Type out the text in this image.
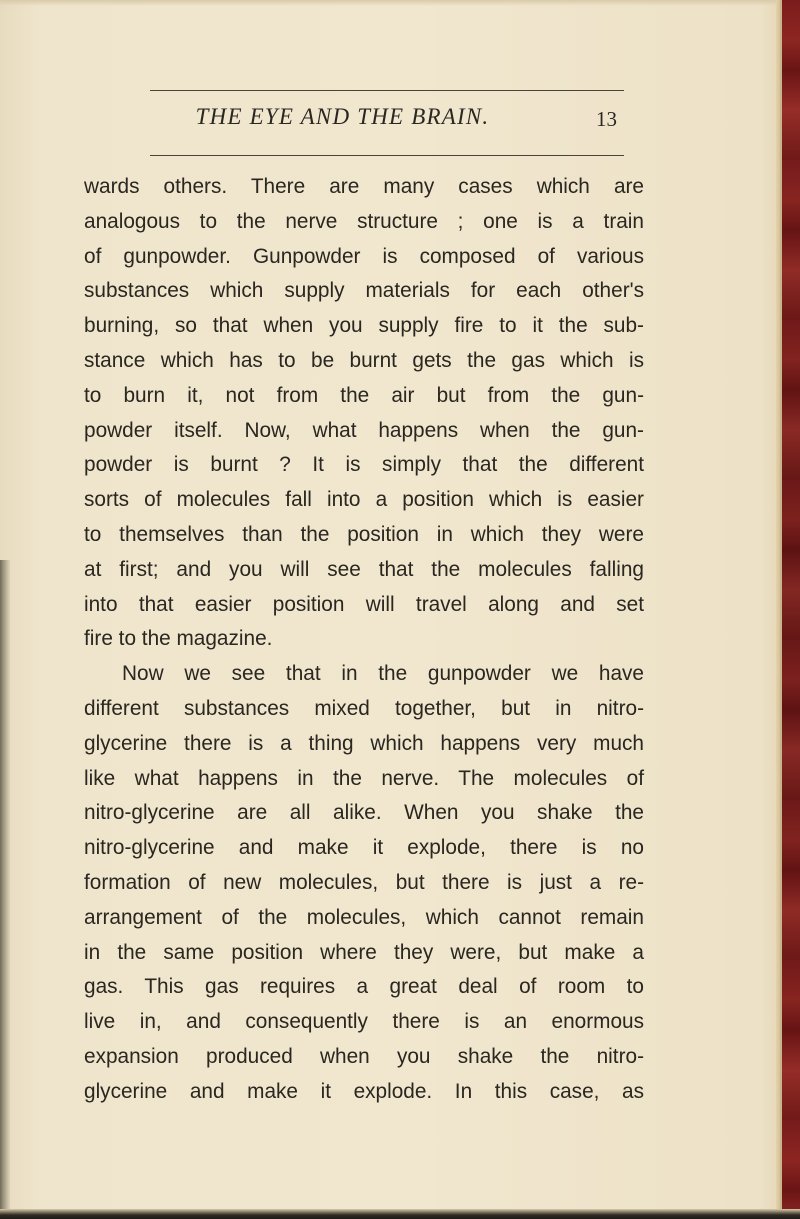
THE EYE AND THE BRAIN.	13
wards others. There are many cases which are
analogous to the nerve structure ; one is a train
of gunpowder. Gunpowder is composed of various
substances which supply materials for each other's
burning, so that when you supply fire to it the sub-
stance which has to be burnt gets the gas which is
to burn it, not from the air but from the gun-
powder itself. Now, what happens when the gun-
powder is burnt ? It is simply that the different
sorts of molecules fall into a position which is easier
to themselves than the position in which they were
at first; and you will see that the molecules falling
into that easier position will travel along and set
fire to the magazine.
Now we see that in the gunpowder we have
different substances mixed together, but in nitro-
glycerine there is a thing which happens very much
like what happens in the nerve. The molecules of
nitro-glycerine are all alike. When you shake the
nitro-glycerine and make it explode, there is no
formation of new molecules, but there is just a re-
arrangement of the molecules, which cannot remain
in the same position where they were, but make a
gas. This gas requires a great deal of room to
live in, and consequently there is an enormous
expansion produced when you shake the nitro-
glycerine and make it explode. In this case, as
